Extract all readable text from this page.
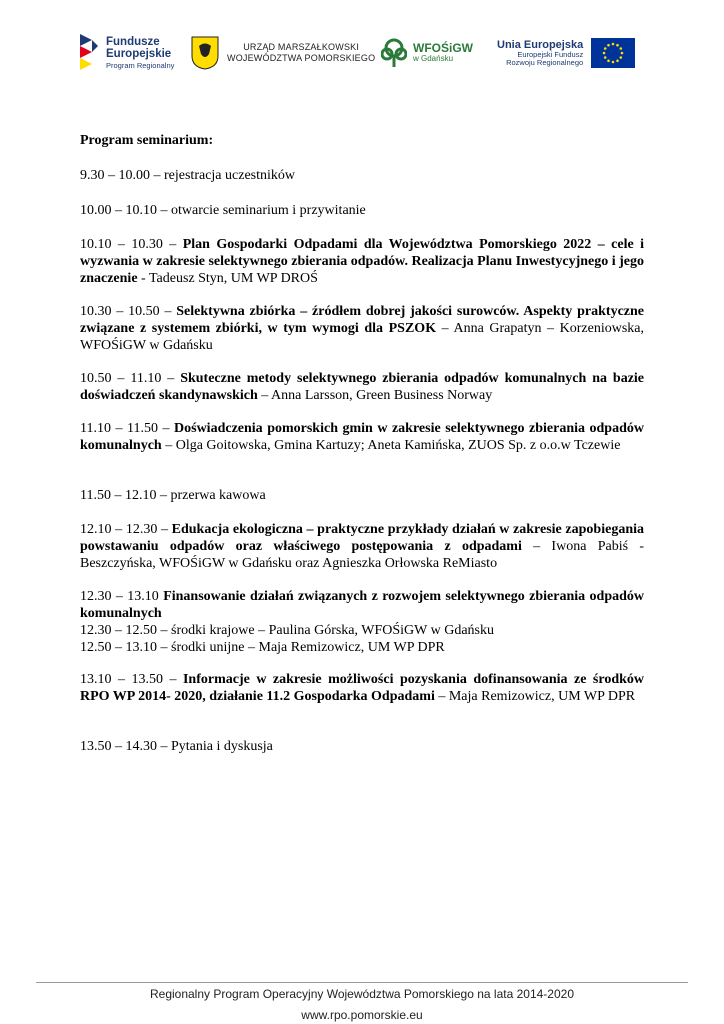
Fundusze
Europejskie
Program Regionalny
URZĄD MARSZAŁKOWSKI
WOJEWÓDZTWA POMORSKIEGO
WFOŚiGW
w Gdańsku
Unia Europejska
Europejski Fundusz
Rozwoju Regionalnego

Program seminarium:

9.30 – 10.00 – rejestracja uczestników

10.00 – 10.10 – otwarcie seminarium i przywitanie

10.10 – 10.30 – Plan Gospodarki Odpadami dla Województwa Pomorskiego 2022 – cele i wyzwania w zakresie selektywnego zbierania odpadów. Realizacja Planu Inwestycyjnego i jego znaczenie - Tadeusz Styn, UM WP DROŚ

10.30 – 10.50 – Selektywna zbiórka – źródłem dobrej jakości surowców. Aspekty praktyczne związane z systemem zbiórki, w tym wymogi dla PSZOK – Anna Grapatyn – Korzeniowska, WFOŚiGW w Gdańsku

10.50 – 11.10 – Skuteczne metody selektywnego zbierania odpadów komunalnych na bazie doświadczeń skandynawskich – Anna Larsson, Green Business Norway

11.10 – 11.50 – Doświadczenia pomorskich gmin w zakresie selektywnego zbierania odpadów komunalnych – Olga Goitowska, Gmina Kartuzy; Aneta Kamińska, ZUOS Sp. z o.o.w Tczewie

11.50 – 12.10 – przerwa kawowa

12.10 – 12.30 – Edukacja ekologiczna – praktyczne przykłady działań w zakresie zapobiegania powstawaniu odpadów oraz właściwego postępowania z odpadami – Iwona Pabiś - Beszczyńska, WFOŚiGW w Gdańsku oraz Agnieszka Orłowska ReMiasto

12.30 – 13.10 Finansowanie działań związanych z rozwojem selektywnego zbierania odpadów komunalnych

12.30 – 12.50 – środki krajowe – Paulina Górska, WFOŚiGW w Gdańsku

12.50 – 13.10 – środki unijne – Maja Remizowicz, UM WP DPR

13.10 – 13.50 – Informacje w zakresie możliwości pozyskania dofinansowania ze środków RPO WP 2014- 2020, działanie 11.2 Gospodarka Odpadami – Maja Remizowicz, UM WP DPR

13.50 – 14.30 – Pytania i dyskusja

Regionalny Program Operacyjny Województwa Pomorskiego na lata 2014-2020
www.rpo.pomorskie.eu
